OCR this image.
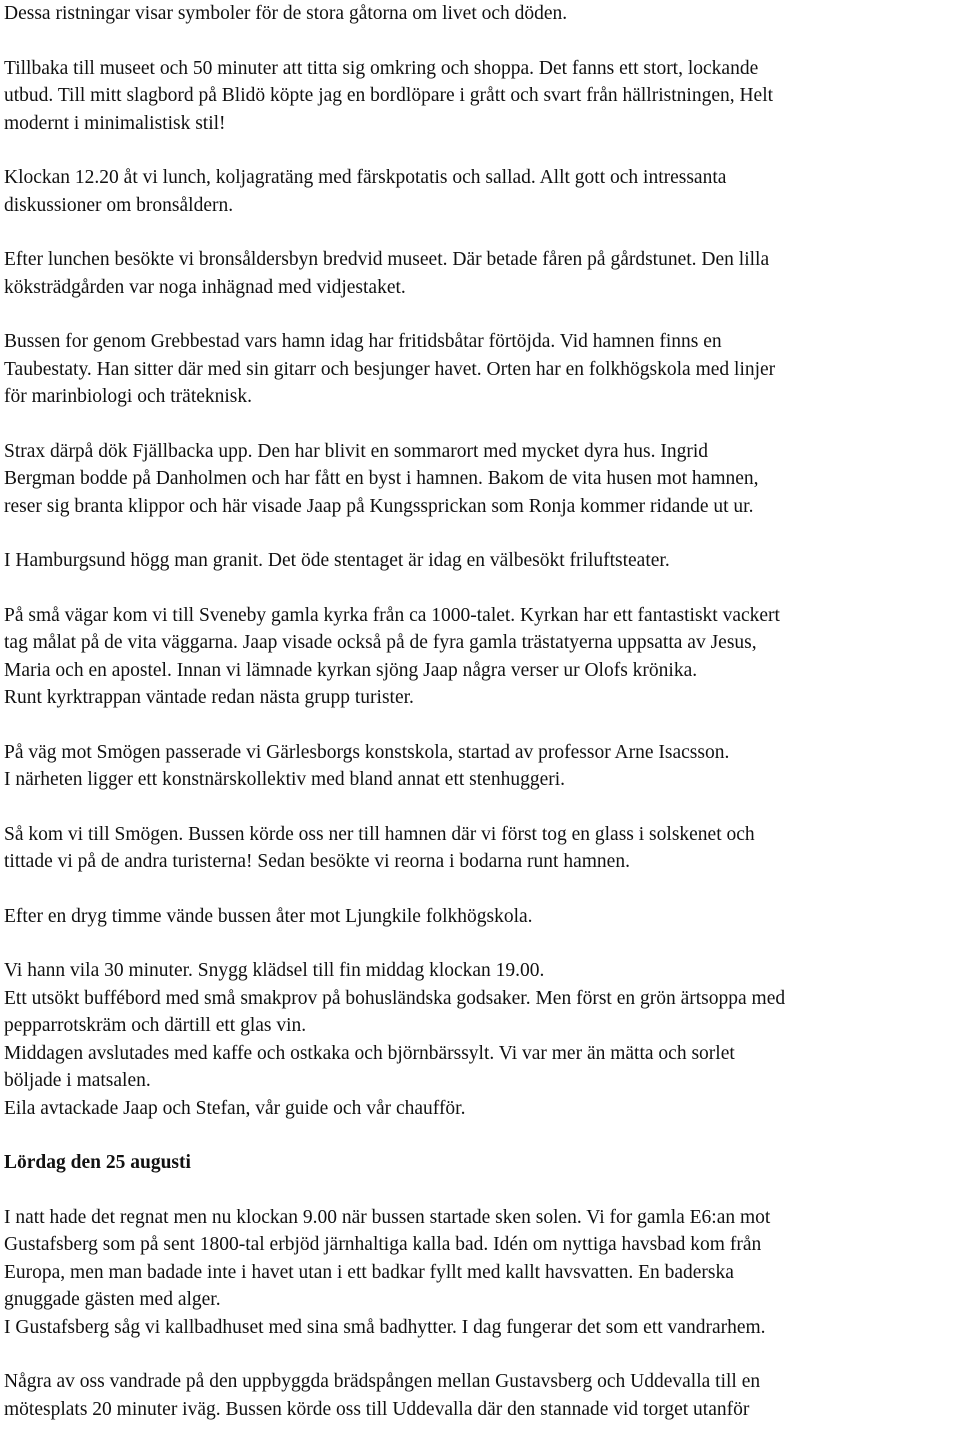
Dessa ristningar visar symboler för de stora gåtorna om livet och döden.

Tillbaka till museet och 50 minuter att titta sig omkring och shoppa. Det fanns ett stort, lockande
utbud. Till mitt slagbord på Blidö köpte jag en bordlöpare i grått och svart från hällristningen, Helt
modernt i minimalistisk stil!

Klockan 12.20 åt vi lunch, koljagratäng med färskpotatis och sallad. Allt gott och intressanta
diskussioner om bronsåldern.

Efter lunchen besökte vi bronsåldersbyn bredvid museet. Där betade fåren på gårdstunet. Den lilla
köksträdgården var noga inhägnad med vidjestaket.

Bussen for genom Grebbestad vars hamn idag har fritidsbåtar förtöjda. Vid hamnen finns en
Taubestaty. Han sitter där med sin gitarr och besjunger havet. Orten har en folkhögskola med linjer
för marinbiologi och träteknisk.

Strax därpå dök Fjällbacka upp. Den har blivit en sommarort med mycket dyra hus. Ingrid
Bergman bodde på Danholmen och har fått en byst i hamnen. Bakom de vita husen mot hamnen,
reser sig branta klippor och här visade Jaap på Kungssprickan som Ronja kommer ridande ut ur.

I Hamburgsund högg man granit. Det öde stentaget är idag en välbesökt friluftsteater.

På små vägar kom vi till Sveneby gamla kyrka från ca 1000-talet. Kyrkan har ett fantastiskt vackert
tag målat på de vita väggarna. Jaap visade också på de fyra gamla trästatyerna uppsatta av Jesus,
Maria och en apostel. Innan vi lämnade kyrkan sjöng Jaap några verser ur Olofs krönika.
Runt kyrktrappan väntade redan nästa grupp turister.

På väg mot Smögen passerade vi Gärlesborgs konstskola, startad av professor Arne Isacsson.
I närheten ligger ett konstnärskollektiv med bland annat ett stenhuggeri.

Så kom vi till Smögen. Bussen körde oss ner till hamnen där vi först tog en glass i solskenet och
tittade vi på de andra turisterna! Sedan besökte vi reorna i bodarna runt hamnen.

Efter en dryg timme vände bussen åter mot Ljungkile folkhögskola.

Vi hann vila 30 minuter. Snygg klädsel till fin middag klockan 19.00.
Ett utsökt buffébord med små smakprov på bohusländska godsaker. Men först en grön ärtsoppa med
pepparrotskräm och därtill ett glas vin.
Middagen avslutades med kaffe och ostkaka och björnbärssylt. Vi var mer än mätta och sorlet
böljade i matsalen.
Eila avtackade Jaap och Stefan, vår guide och vår chaufför.

Lördag den 25 augusti

I natt hade det regnat men nu klockan 9.00 när bussen startade sken solen. Vi for gamla E6:an mot
Gustafsberg som på sent 1800-tal erbjöd järnhaltiga kalla bad. Idén om nyttiga havsbad kom från
Europa, men man badade inte i havet utan i ett badkar fyllt med kallt havsvatten. En baderska
gnuggade gästen med alger.
I Gustafsberg såg vi kallbadhuset med sina små badhytter. I dag fungerar det som ett vandrarhem.

Några av oss vandrade på den uppbyggda brädspången mellan Gustavsberg och Uddevalla till en
mötesplats 20 minuter iväg. Bussen körde oss till Uddevalla där den stannade vid torget utanför
